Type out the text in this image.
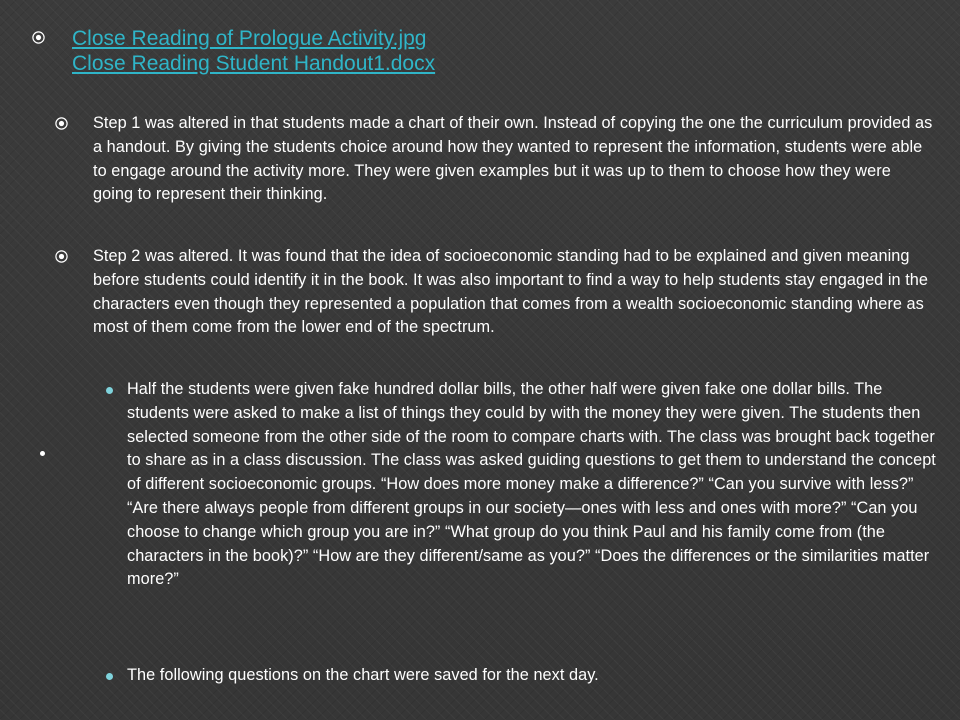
Close Reading of Prologue Activity.jpg
Close Reading Student Handout1.docx
Step 1 was altered in that students made a chart of their own. Instead of copying the one the curriculum provided as a handout. By giving the students choice around how they wanted to represent the information, students were able to engage around the activity more. They were given examples but it was up to them to choose how they were going to represent their thinking.
Step 2 was altered. It was found that the idea of socioeconomic standing had to be explained and given meaning before students could identify it in the book. It was also important to find a way to help students stay engaged in the characters even though they represented a population that comes from a wealth socioeconomic standing where as most of them come from the lower end of the spectrum.
Half the students were given fake hundred dollar bills, the other half were given fake one dollar bills. The students were asked to make a list of things they could by with the money they were given. The students then selected someone from the other side of the room to compare charts with. The class was brought back together to share as in a class discussion. The class was asked guiding questions to get them to understand the concept of different socioeconomic groups. “How does more money make a difference?” “Can you survive with less?” “Are there always people from different groups in our society—ones with less and ones with more?” “Can you choose to change which group you are in?” “What group do you think Paul and his family come from (the characters in the book)?” “How are they different/same as you?” “Does the differences or the similarities matter more?”
The following questions on the chart were saved for the next day.
